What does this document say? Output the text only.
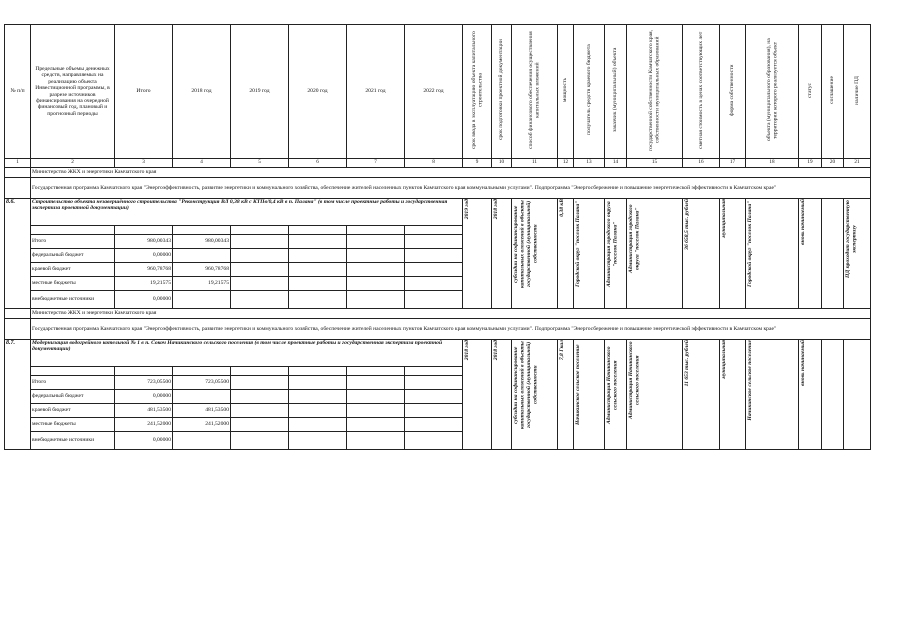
№ п/п	Предельные объемы денежных средств, направляемых на реализацию объекта Инвестиционной программы, в разрезе источников финансирования на очередной финансовый год, плановый и прогнозный периоды	Итого	2018 год	2019 год	2020 год	2021 год	2022 год	срок ввода в эксплуатацию объекта капитального строительства	срок подготовки проектной документации	способ финансового обеспечения осуществления капитальных вложений	мощность	получатель средств краевого бюджета	заказчик (муниципальный) объекта	государственной собственности Камчатского края, собственности муниципальных образований	сметная стоимость в ценах соответствующих лет	форма собственности	объекта (муниципального образования), на территории которого реализуется объект	статус	соглашение	наличие ПД
1	2	3	4	5	6	7	8	9	10	11	12	13	14	15	16	17	18	19	20	21
	Министерство ЖКХ и энергетики Камчатского края																			
	Государственная программа Камчатского края "Энергоэффективность, развитие энергетики и коммунального хозяйства, обеспечение жителей населенных пунктов Камчатского края коммунальными услугами". Подпрограмма "Энергосбережение и повышение энергетической эффективности в Камчатском крае"																			
8.6.	Строительство объекта незавершённого строительства "Реконструкция ВЛ 0,38 кВ с КТПв/0,4 кВ в п. Палана" (в том числе проектные работы и государственная экспертиза проектной документации)							2019 год	2018 год	субсидии на софинансирование капитальных вложений в объекты государственной (муниципальной) собственности	0,38 кВ	Городской округ "поселок Палана"	Администрация городского округа "поселок Палана"	Администрация городского округа "поселок Палана"	36 658,5 тыс. рублей	муниципальная	Городской округ "поселок Палана"	вновь начинаемый		ПД проходит государственную экспертизу

	Итого	980,00343	980,00343																	
	федеральный бюджет	0,00000																		
	краевой бюджет	960,78768	960,78768																	
	местные бюджеты	19,21575	19,21575																	
	внебюджетные источники	0,00000																		
	Министерство ЖКХ и энергетики Камчатского края																			
	Государственная программа Камчатского края "Энергоэффективность, развитие энергетики и коммунального хозяйства, обеспечение жителей населенных пунктов Камчатского края коммунальными услугами". Подпрограмма "Энергосбережение и повышение энергетической эффективности в Камчатском крае"																			
8.7.	Модернизация водогрейного котельной № 1 в п. Сокоч Начикинского сельского поселения (в том числе проектные работы и государственная экспертиза проектной документации)							2018 год	2018 год	субсидии на софинансирование капитальных вложений в объекты государственной (муниципальной) собственности	7,8 Гкал	Начикинское сельское поселение	Администрация Начикинского сельского поселения	Администрация Начикинского сельского поселения	11 653 тыс. рублей	муниципальная	Начикинское сельское поселение	вновь начинаемый		

	Итого	723,05500	723,05500																	
	федеральный бюджет	0,00000																		
	краевой бюджет	481,53500	481,53500																	
	местные бюджеты	241,52000	241,52000																	
	внебюджетные источники	0,00000																		
